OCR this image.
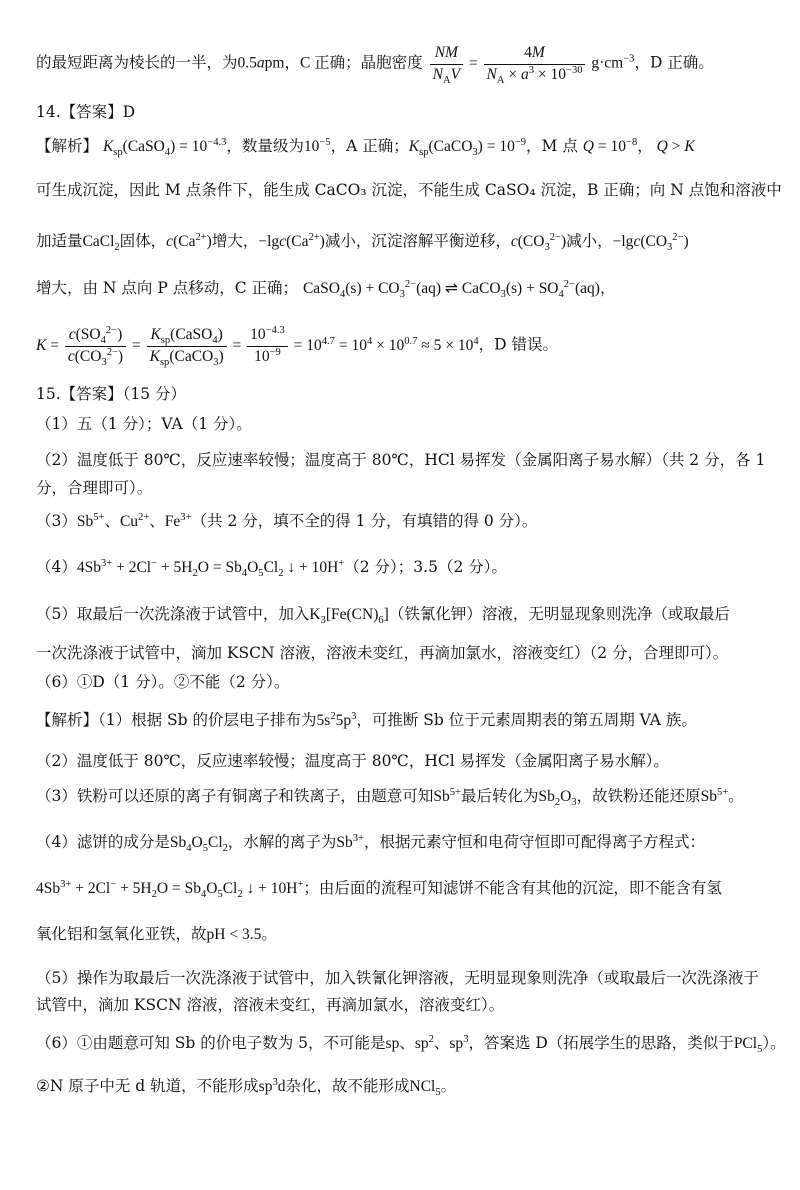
的最短距离为棱长的一半，为0.5apm，C 正确；晶胞密度 $\frac{NM}{N_AV} = \frac{4M}{N_A \times a^3 \times 10^{-30}} g\cdot cm^{-3}$，D 正确。
14.【答案】D
【解析】 $K_{sp}(CaSO_4) = 10^{-4.3}$，数量级为$10^{-5}$，A 正确；$K_{sp}(CaCO_3) = 10^{-9}$，M 点 $Q = 10^{-8}$， Q > K
可生成沉淀，因此 M 点条件下，能生成 CaCO₃ 沉淀，不能生成 CaSO₄ 沉淀，B 正确；向 N 点饱和溶液中
加适量CaCl$_2$固体，$c(Ca^{2+})$增大，$-\lg c(Ca^{2+})$减小，沉淀溶解平衡逆移，$c(CO_3^{2-})$减小，$-\lg c(CO_3^{2-})$
增大，由 N 点向 P 点移动，C 正确； CaSO$_4$(s) + $CO_3^{2-}(aq)$ ⇌ CaCO$_3$(s) + $SO_4^{2-}(aq)$，
$K = \frac{c(SO_4^{2-})}{c(CO_3^{2-})} = \frac{K_{sp}(CaSO_4)}{K_{sp}(CaCO_3)} = \frac{10^{-4.3}}{10^{-9}} = 10^{4.7} = 10^4 \times 10^{0.7} \approx 5 \times 10^4$，D 错误。
15.【答案】（15 分）
（1）五（1 分）；VA（1 分）。
（2）温度低于 80℃，反应速率较慢；温度高于 80℃，HCl 易挥发（金属阳离子易水解）（共 2 分，各 1 分，合理即可）。
$(3)Sb^{5+}$、$Cu^{2+}$、$Fe^{3+}$（共 2 分，填不全的得 1 分，有填错的得 0 分）。
$(4)4Sb^{3+} + 2Cl^- + 5H_2O = Sb_4O_5Cl_2$ ↓ + 10H+（2 分）；3.5（2 分）。
（5）取最后一次洗涤液于试管中，加入$K_3[Fe(CN)_6]$（铁氰化钾）溶液，无明显现象则洗净（或取最后
一次洗涤液于试管中，滴加 KSCN 溶液，溶液未变红，再滴加氯水，溶液变红）（2 分，合理即可）。
（6）①D（1 分）。②不能（2 分）。
【解析】（1）根据 Sb 的价层电子排布为$5s^25p^3$，可推断 Sb 位于元素周期表的第五周期 VA 族。
（2）温度低于 80℃，反应速率较慢；温度高于 80℃，HCl 易挥发（金属阳离子易水解）。
（3）铁粉可以还原的离子有铜离子和铁离子，由题意可知$Sb^{5+}$最后转化为$Sb_2O_3$，故铁粉还能还原$Sb^{5+}$。
（4）滤饼的成分是$Sb_4O_5Cl_2$，水解的离子为$Sb^{3+}$，根据元素守恒和电荷守恒即可配得离子方程式：
$4Sb^{3+} + 2Cl^- + 5H_2O = Sb_4O_5Cl_2$ ↓ + 10H+；由后面的流程可知滤饼不能含有其他的沉淀，即不能含有氢
氧化铝和氢氧化亚铁，故pH < 3.5。
（5）操作为取最后一次洗涤液于试管中，加入铁氰化钾溶液，无明显现象则洗净（或取最后一次洗涤液于
试管中，滴加 KSCN 溶液，溶液未变红，再滴加氯水，溶液变红）。
（6）①由题意可知 Sb 的价电子数为 5，不可能是sp、$sp^2$、$sp^3$，答案选 D（拓展学生的思路，类似于PCl$_5$）。
②N 原子中无 d 轨道，不能形成$sp^3d$杂化，故不能形成NCl$_5$。
